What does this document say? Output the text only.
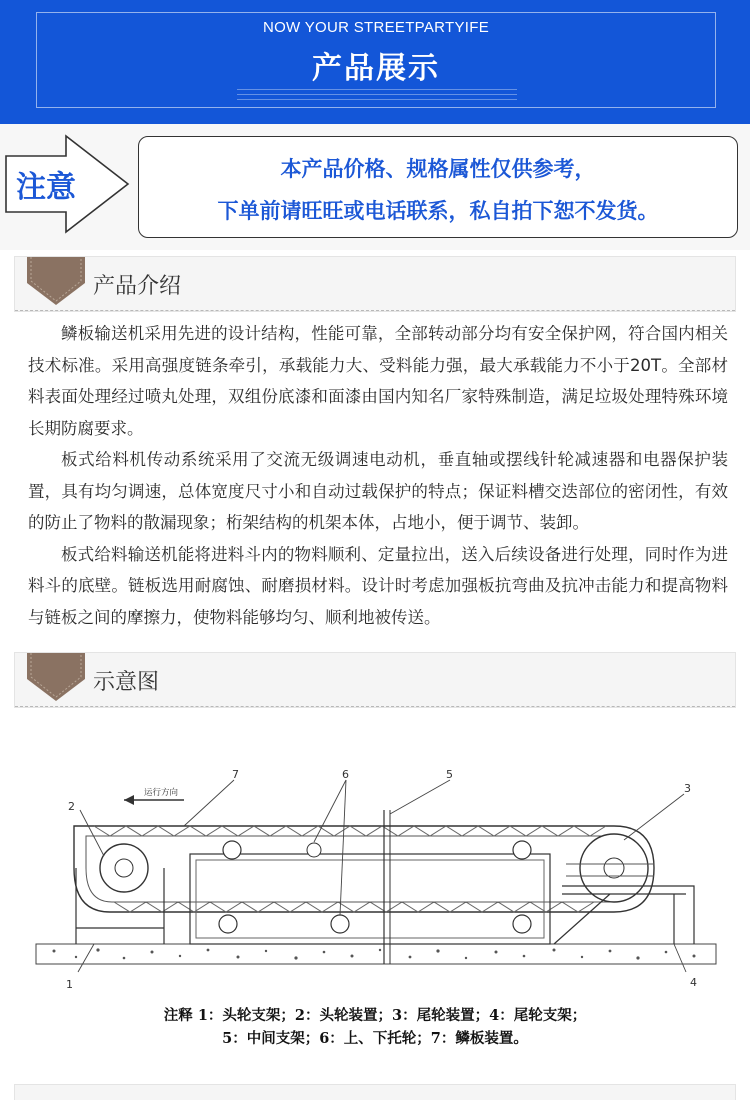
NOW YOUR STREETPARTYIFE
产品展示
注意
本产品价格、规格属性仅供参考，
下单前请旺旺或电话联系，私自拍下恕不发货。
产品介绍

鳞板输送机采用先进的设计结构，性能可靠，全部转动部分均有安全保护网，符合国内相关技术标准。采用高强度链条牵引，承载能力大、受料能力强，最大承载能力不小于20T。全部材料表面处理经过喷丸处理，双组份底漆和面漆由国内知名厂家特殊制造，满足垃圾处理特殊环境长期防腐要求。

板式给料机传动系统采用了交流无级调速电动机，垂直轴或摆线针轮减速器和电器保护装置，具有均匀调速，总体宽度尺寸小和自动过载保护的特点；保证料槽交迭部位的密闭性，有效的防止了物料的散漏现象；桁架结构的机架本体，占地小，便于调节、装卸。

板式给料输送机能将进料斗内的物料顺利、定量拉出，送入后续设备进行处理，同时作为进料斗的底壁。链板选用耐腐蚀、耐磨损材料。设计时考虑加强板抗弯曲及抗冲击能力和提高物料与链板之间的摩擦力，使物料能够均匀、顺利地被传送。

示意图
运行方向
1
2
3
4
5
6
7
注释 1：头轮支架；2：头轮装置；3：尾轮装置；4：尾轮支架；
5：中间支架；6：上、下托轮；7：鳞板装置。
